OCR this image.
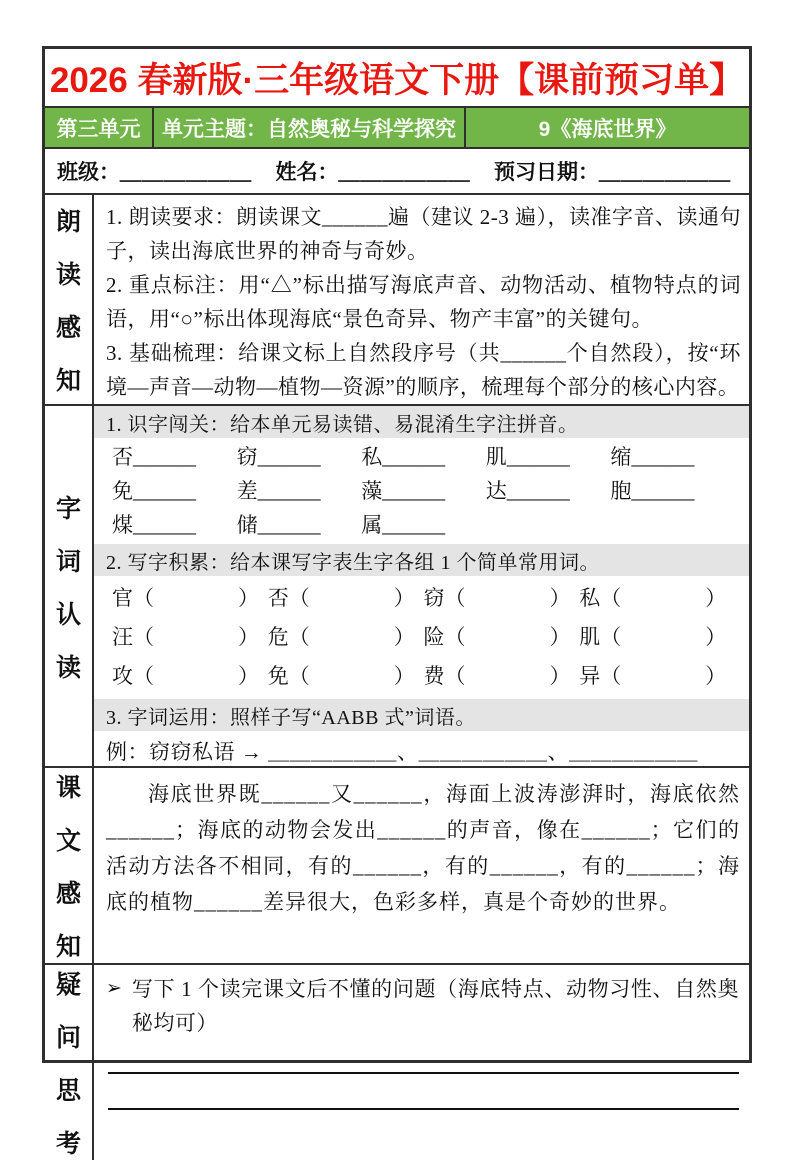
2026 春新版·三年级语文下册【课前预习单】
第三单元	单元主题：自然奥秘与科学探究	9《海底世界》
班级： ＿＿＿＿＿＿ 姓名： ＿＿＿＿＿＿ 预习日期： ＿＿＿＿＿＿
朗
读
感
知

1. 朗读要求：朗读课文______遍（建议 2-3 遍），读准字音、读通句子，读出海底世界的神奇与奇妙。

2. 重点标注：用“△”标出描写海底声音、动物活动、植物特点的词语，用“○”标出体现海底“景色奇异、物产丰富”的关键句。

3. 基础梳理：给课文标上自然段序号（共______个自然段），按“环境—声音—动物—植物—资源”的顺序，梳理每个部分的核心内容。

字
词
认
读
1. 识字闯关：给本单元易读错、易混淆生字注拼音。
否______	窃______	私______	肌______	缩______
免______	差______	藻______	达______	胞______
煤______	储______	属______
2. 写字积累：给本课写字表生字各组 1 个简单常用词。
官（　　　　） 否（　　　　） 窃（　　　　） 私（　　　　）
汪（　　　　） 危（　　　　） 险（　　　　） 肌（　　　　）
攻（　　　　） 免（　　　　） 费（　　　　） 异（　　　　）
3. 字词运用：照样子写“AABB 式”词语。
例：窃窃私语 → ＿＿＿＿＿＿、＿＿＿＿＿＿、＿＿＿＿＿＿
课
文
感
知

海底世界既______又______，海面上波涛澎湃时，海底依然______；海底的动物会发出______的声音，像在______；它们的活动方法各不相同，有的______，有的______，有的______；海底的植物______差异很大，色彩多样，真是个奇妙的世界。

疑
问
思
考
➢ 写下 1 个读完课文后不懂的问题（海底特点、动物习性、自然奥秘均可）
